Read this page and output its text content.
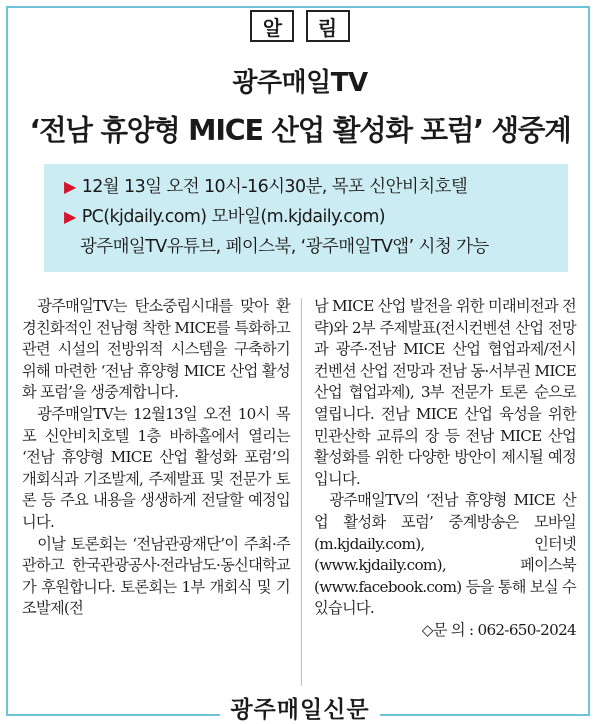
알 림
광주매일TV
‘전남 휴양형 MICE 산업 활성화 포럼’ 생중계
▶ 12월 13일 오전 10시-16시30분, 목포 신안비치호텔
▶ PC(kjdaily.com) 모바일(m.kjdaily.com)
광주매일TV유튜브, 페이스북, ‘광주매일TV앱’ 시청 가능

광주매일TV는 탄소중립시대를 맞아 환경친화적인 전남형 착한 MICE를 특화하고 관련 시설의 전방위적 시스템을 구축하기 위해 마련한 ‘전남 휴양형 MICE 산업 활성화 포럼’을 생중계합니다.

광주매일TV는 12월13일 오전 10시 목포 신안비치호텔 1층 바하홀에서 열리는 ‘전남 휴양형 MICE 산업 활성화 포럼’의 개회식과 기조발제, 주제발표 및 전문가 토론 등 주요 내용을 생생하게 전달할 예정입니다.

이날 토론회는 ‘전남관광재단’이 주최·주관하고 한국관광공사·전라남도·동신대학교가 후원합니다. 토론회는 1부 개회식 및 기조발제(전

남 MICE 산업 발전을 위한 미래비전과 전략)와 2부 주제발표(전시컨벤션 산업 전망과 광주·전남 MICE 산업 협업과제/전시컨벤션 산업 전망과 전남 동·서부권 MICE산업 협업과제), 3부 전문가 토론 순으로 열립니다. 전남 MICE 산업 육성을 위한 민관산학 교류의 장 등 전남 MICE 산업 활성화를 위한 다양한 방안이 제시될 예정입니다.

광주매일TV의 ‘전남 휴양형 MICE 산업 활성화 포럼’ 중계방송은 모바일(m.kjdaily.com), 인터넷(www.kjdaily.com), 페이스북(www.facebook.com) 등을 통해 보실 수 있습니다.

◇문 의 : 062-650-2024
광주매일신문
